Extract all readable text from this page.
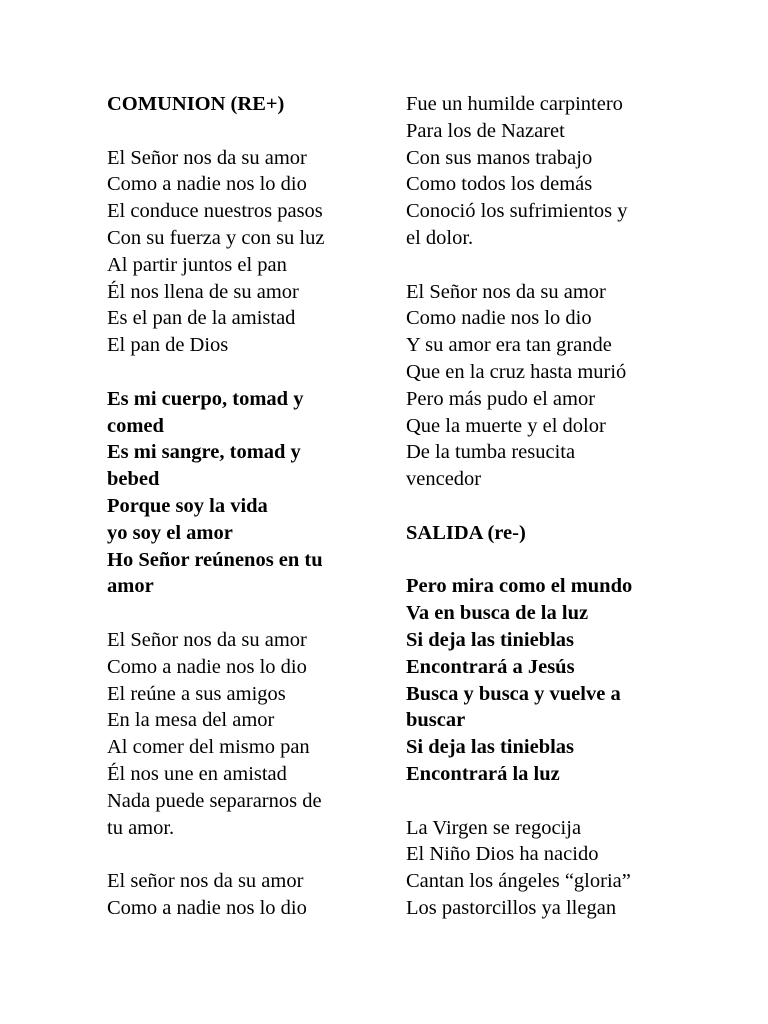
COMUNION (RE+)
El Señor nos da su amor
Como a nadie nos lo dio
El conduce nuestros pasos
Con su fuerza y con su luz
Al partir juntos el pan
Él nos llena de su amor
Es el pan de la amistad
El pan de Dios
Es mi cuerpo, tomad y
comed
Es mi sangre, tomad y
bebed
Porque soy la vida
yo soy el amor
Ho Señor reúnenos en tu
amor
El Señor nos da su amor
Como a nadie nos lo dio
El reúne a sus amigos
En la mesa del amor
Al comer del mismo pan
Él nos une en amistad
Nada puede separarnos de
tu amor.
El señor nos da su amor
Como a nadie nos lo dio
Fue un humilde carpintero
Para los de Nazaret
Con sus manos trabajo
Como todos los demás
Conoció los sufrimientos y
el dolor.
El Señor nos da su amor
Como nadie nos lo dio
Y su amor era tan grande
Que en la cruz hasta murió
Pero más pudo el amor
Que la muerte y el dolor
De la tumba resucita
vencedor
SALIDA (re-)
Pero mira como el mundo
Va en busca de la luz
Si deja las tinieblas
Encontrará a Jesús
Busca y busca y vuelve a
buscar
Si deja las tinieblas
Encontrará la luz
La Virgen se regocija
El Niño Dios ha nacido
Cantan los ángeles “gloria”
Los pastorcillos ya llegan
